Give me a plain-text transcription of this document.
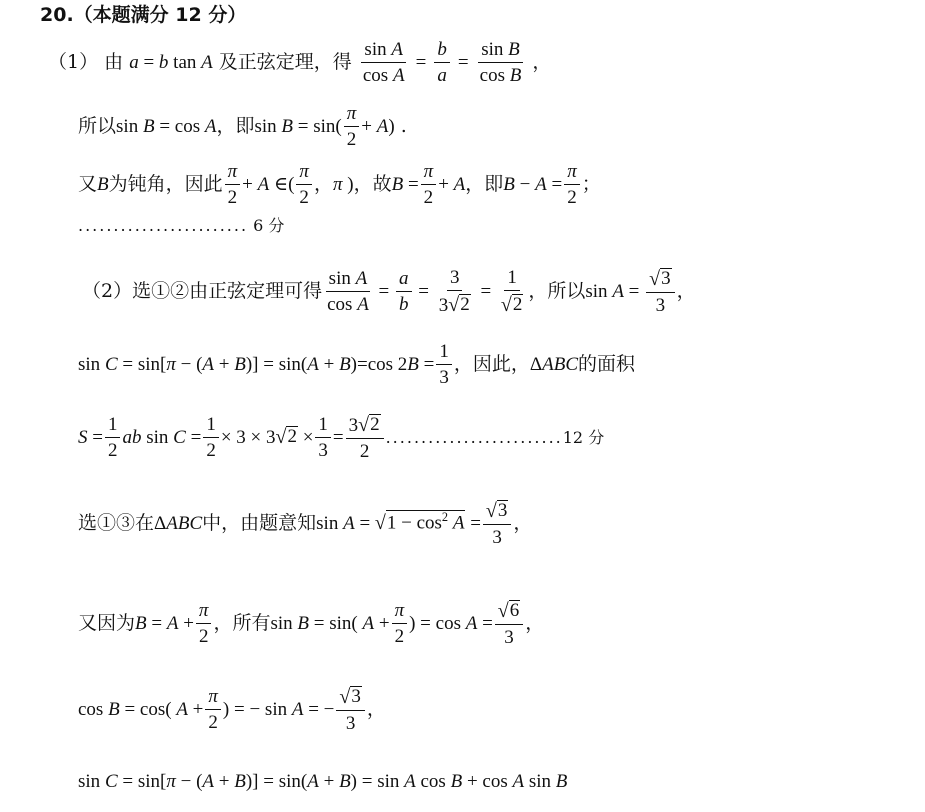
20.（本题满分 12 分）
（1） 由 a = b tan A 及正弦定理，得 $\frac{\text{sin A}}{\text{cos A}} = \frac{b}{a} = \frac{\text{sin B}}{\text{cos B}}$ ，
所以sin B = cos A，即$\sin B = \sin( \frac{\pi}{2} + A)$ .
又B为钝角，因此 $\frac{\pi}{2} + A$ ∈( $\frac{\pi}{2}$ ，π )，故$B = \frac{\pi}{2} + A$，即$B - A = \frac{\pi}{2}$ ；
........................ 6 分
（2）选①②由正弦定理可得 $\frac{\text{sin A}}{\text{cos A}} = \frac{a}{b} = \frac{3}{3 √ 2} = \frac{1}{√ 2}$ ，所以$\sin A = \frac{√ 3}{3}$ ，
sin C = sin[π − (A + B)] = sin(A + B)=cos $2B = \frac{1}{3}$ ，因此，ΔABC的面积
$S = \frac{1}{2}$ ab $\sin C = \frac{1}{2} \times 3 \times 3$ √ $2 \times \frac{1}{3} = \frac{3 √ 2}{2} .........................12$ 分
选①③在ΔABC中，由题意知sin A = √ $1 - \cos^2 A = \frac{√ 3}{3}$ ，
又因为$B = A + \frac{\pi}{2}$ ，所有sin B = sin( $A + \frac{\pi}{2}$ ) = $\cos A = \frac{√ 6}{3}$ ，
cos B = cos( $A + \frac{\pi}{2}$ ) = − sin A = − $\frac{√ 3}{3}$ ，
sin C = sin[π − (A + B)] = sin(A + B) = sin A cos B + cos A sin B
